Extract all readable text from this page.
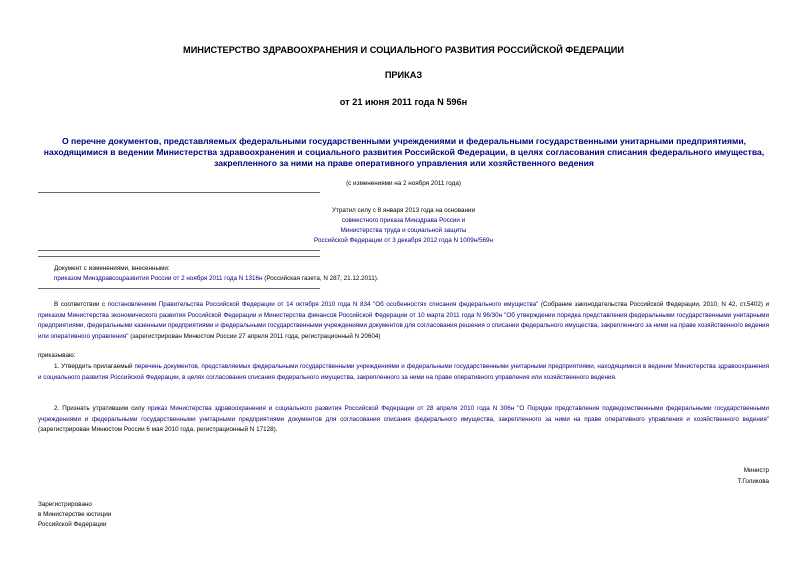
МИНИСТЕРСТВО ЗДРАВООХРАНЕНИЯ И СОЦИАЛЬНОГО РАЗВИТИЯ РОССИЙСКОЙ ФЕДЕРАЦИИ
ПРИКАЗ
от 21 июня 2011 года N 596н
О перечне документов, представляемых федеральными государственными учреждениями и федеральными государственными унитарными предприятиями, находящимися в ведении Министерства здравоохранения и социального развития Российской Федерации, в целях согласования списания федерального имущества, закрепленного за ними на праве оперативного управления или хозяйственного ведения
(с изменениями на 2 ноября 2011 года)
Утратил силу с 8 января 2013 года на основании
совместного приказа Минздрава России и
Министерства труда и социальной защиты
Российской Федерации от 3 декабря 2012 года N 1009н/569н
Документ с изменениями, внесенными:
приказом Минздравсоцразвития России от 2 ноября 2011 года N 1316н (Российская газета, N 287, 21.12.2011).
В соответствии с постановлением Правительства Российской Федерации от 14 октября 2010 года N 834 "Об особенностях списания федерального имущества" (Собрание законодательства Российской Федерации, 2010, N 42, ст.5402) и приказом Министерства экономического развития Российской Федерации и Министерства финансов Российской Федерации от 10 марта 2011 года N 96/30н "Об утверждении порядка представления федеральными государственными унитарными предприятиями, федеральными казенными предприятиями и федеральными государственными учреждениями документов для согласования решения о списании федерального имущества, закрепленного за ними на праве хозяйственного ведения или оперативного управления" (зарегистрирован Минюстом России 27 апреля 2011 года, регистрационный N 20604)
приказываю:
1. Утвердить прилагаемый перечень документов, представляемых федеральными государственными учреждениями и федеральными государственными унитарными предприятиями, находящимися в ведении Министерства здравоохранения и социального развития Российской Федерации, в целях согласования списания федерального имущества, закрепленного за ними на праве оперативного управления или хозяйственного ведения.
2. Признать утратившим силу приказ Министерства здравоохранения и социального развития Российской Федерации от 28 апреля 2010 года N 306н "О Порядке представления подведомственными федеральными государственными учреждениями и федеральными государственными унитарными предприятиями документов для согласования списания федерального имущества, закрепленного за ними на праве оперативного управления и хозяйственного ведения" (зарегистрирован Минюстом России 6 мая 2010 года, регистрационный N 17128).
Министр
Т.Голикова
Зарегистрировано
в Министерстве юстиции
Российской Федерации
